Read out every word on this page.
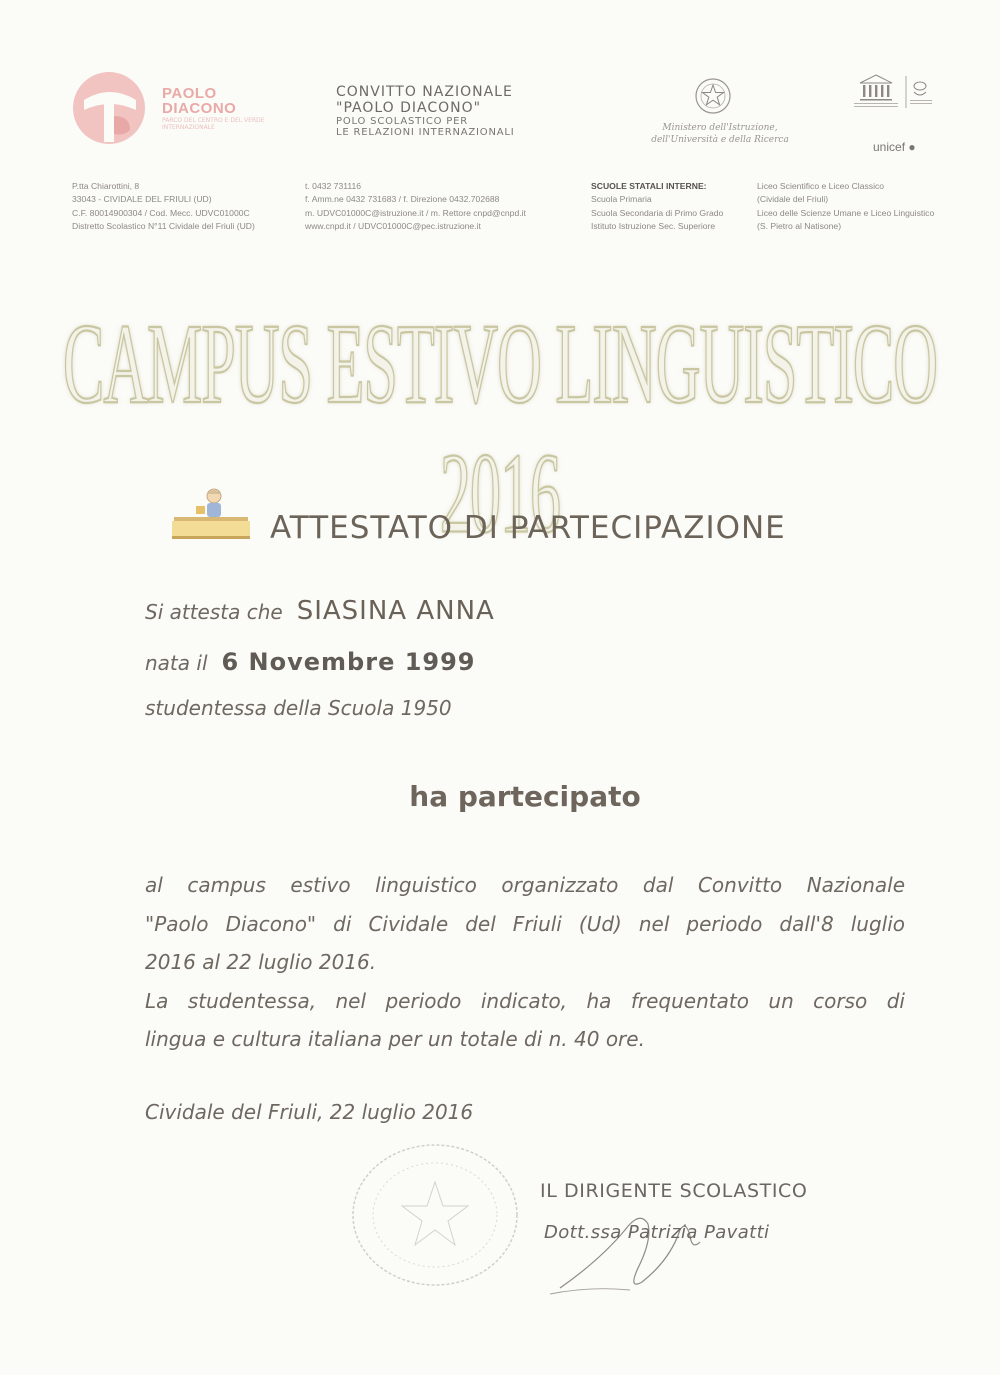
PAOLO
DIACONO
PARCO DEL CENTRO E DEL VERDE INTERNAZIONALE
CONVITTO NAZIONALE
"PAOLO DIACONO"
POLO SCOLASTICO PER
LE RELAZIONI INTERNAZIONALI	Ministero dell'Istruzione,
dell'Università e della Ricerca	unicef ●
P.tta Chiarottini, 8
33043 - CIVIDALE DEL FRIULI (UD)
C.F. 80014900304 / Cod. Mecc. UDVC01000C
Distretto Scolastico N°11 Cividale del Friuli (UD)
t. 0432 731116
f. Amm.ne 0432 731683 / f. Direzione 0432.702688
m. UDVC01000C@istruzione.it / m. Rettore cnpd@cnpd.it
www.cnpd.it / UDVC01000C@pec.istruzione.it
SCUOLE STATALI INTERNE:
Scuola Primaria
Scuola Secondaria di Primo Grado
Istituto Istruzione Sec. Superiore
Liceo Scientifico e Liceo Classico
(Cividale del Friuli)
Liceo delle Scienze Umane e Liceo Linguistico
(S. Pietro al Natisone)
CAMPUS ESTIVO LINGUISTICO 2016
ATTESTATO DI PARTECIPAZIONE
Si attesta che SIASINA ANNA
nata il 6 Novembre 1999
studentessa della Scuola 1950
ha partecipato
al campus estivo linguistico organizzato dal Convitto Nazionale
"Paolo Diacono" di Cividale del Friuli (Ud) nel periodo dall'8 luglio
2016 al 22 luglio 2016.
La studentessa, nel periodo indicato, ha frequentato un corso di
lingua e cultura italiana per un totale di n. 40 ore.
Cividale del Friuli, 22 luglio 2016
IL DIRIGENTE SCOLASTICO
Dott.ssa Patrizia Pavatti
